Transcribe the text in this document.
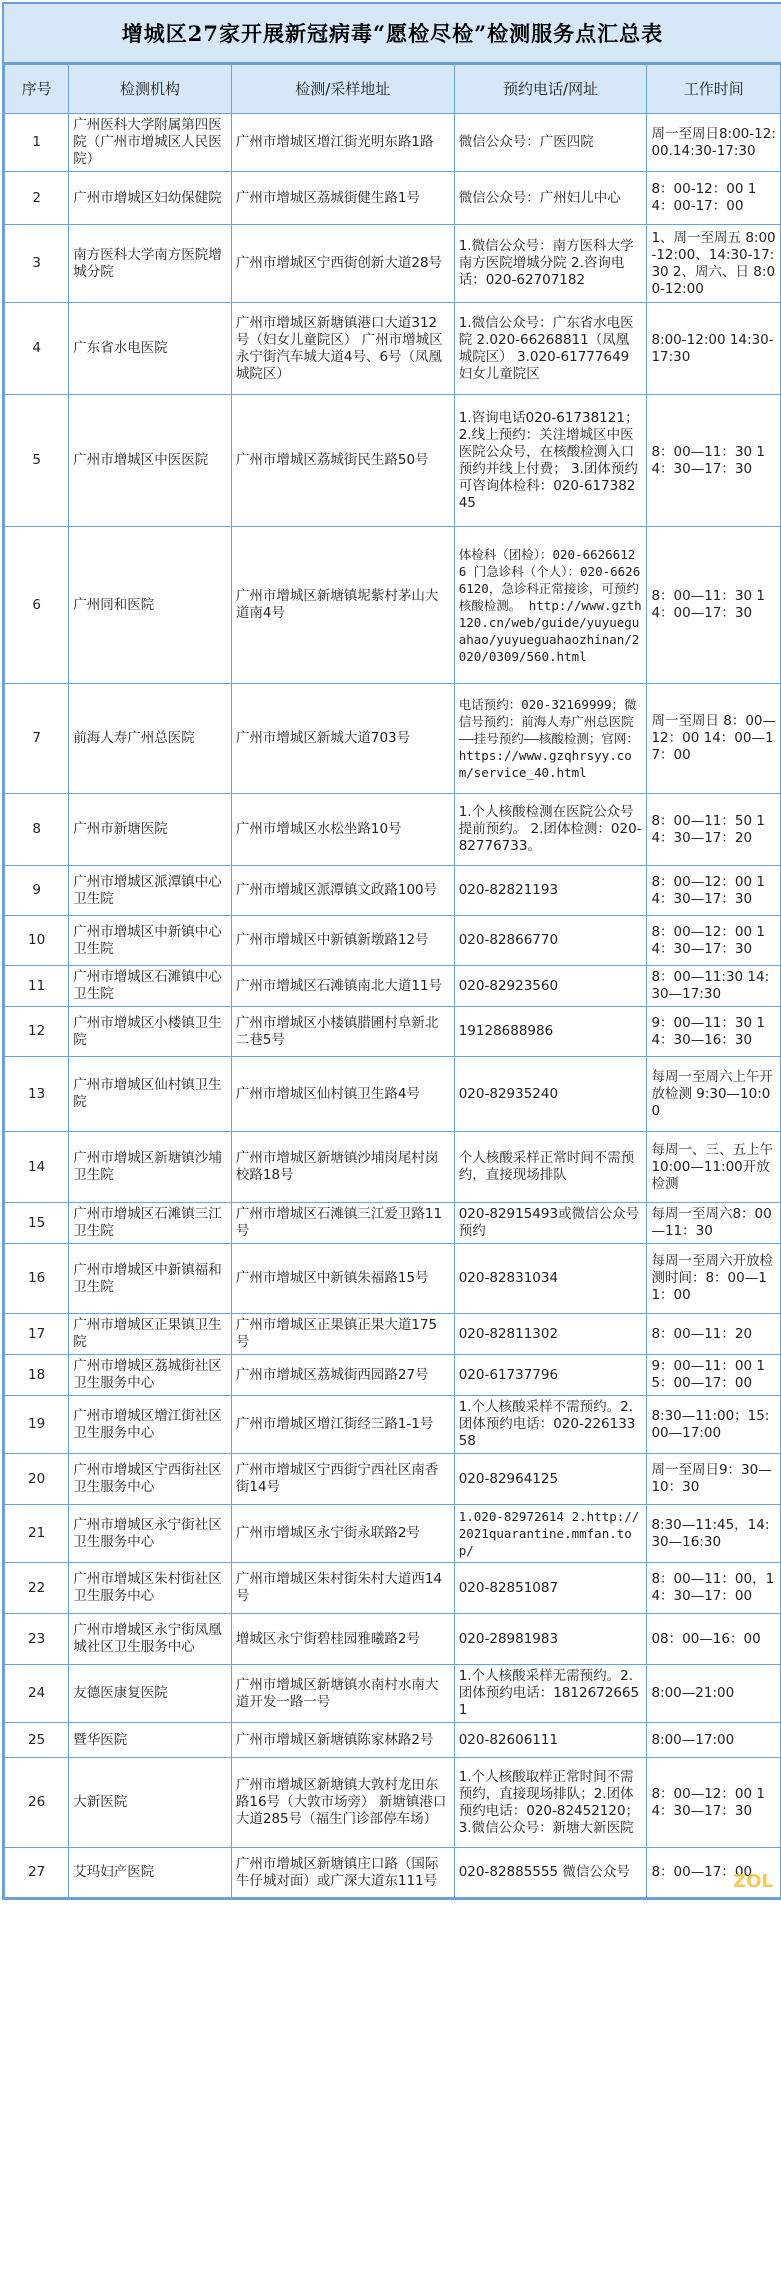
增城区27家开展新冠病毒“愿检尽检”检测服务点汇总表
序号	检测机构	检测/采样地址	预约电话/网址	工作时间
1	广州医科大学附属第四医院（广州市增城区人民医院）	广州市增城区增江街光明东路1路	微信公众号：广医四院	周一至周日8:00-12:00.14:30-17:30
2	广州市增城区妇幼保健院	广州市增城区荔城街健生路1号	微信公众号：广州妇儿中心	8：00-12：00 14：00-17：00
3	南方医科大学南方医院增城分院	广州市增城区宁西街创新大道28号	1.微信公众号：南方医科大学南方医院增城分院 2.咨询电话：020-62707182	1、周一至周五 8:00-12:00、14:30-17:30 2、周六、日 8:00-12:00
4	广东省水电医院	广州市增城区新塘镇港口大道312号（妇女儿童院区） 广州市增城区永宁街汽车城大道4号、6号（凤凰城院区）	1.微信公众号：广东省水电医院 2.020-66268811（凤凰城院区） 3.020-61777649妇女儿童院区	8:00-12:00 14:30-17:30
5	广州市增城区中医医院	广州市增城区荔城街民生路50号	1.咨询电话020-61738121； 2.线上预约：关注增城区中医医院公众号，在核酸检测入口预约并线上付费； 3.团体预约可咨询体检科：020-61738245	8：00—11：30 14：30—17：30
6	广州同和医院	广州市增城区新塘镇坭紫村茅山大道南4号	体检科（团检）：020-66266126 门急诊科（个人）：020-66266120，急诊科正常接诊，可预约核酸检测。 http://www.gzth120.cn/web/guide/yuyueguahao/yuyueguahaozhinan/2020/0309/560.html	8：00—11：30 14：00—17：30
7	前海人寿广州总医院	广州市增城区新城大道703号	电话预约：020-32169999；微信号预约：前海人寿广州总医院——挂号预约——核酸检测；官网：https://www.gzqhrsyy.com/service_40.html	周一至周日 8：00—12：00 14：00—17：00
8	广州市新塘医院	广州市增城区水松坐路10号	1.个人核酸检测在医院公众号提前预约。 2.团体检测：020-82776733。	8：00—11：50 14：30—17：20
9	广州市增城区派潭镇中心卫生院	广州市增城区派潭镇文政路100号	020-82821193	8：00—12：00 14：30—17：30
10	广州市增城区中新镇中心卫生院	广州市增城区中新镇新墩路12号	020-82866770	8：00—12：00 14：30—17：30
11	广州市增城区石滩镇中心卫生院	广州市增城区石滩镇南北大道11号	020-82923560	8：00—11:30 14:30—17:30
12	广州市增城区小楼镇卫生院	广州市增城区小楼镇腊圃村阜新北二巷5号	19128688986	9：00—11：30 14：30—16：30
13	广州市增城区仙村镇卫生院	广州市增城区仙村镇卫生路4号	020-82935240	每周一至周六上午开放检测 9:30—10:00
14	广州市增城区新塘镇沙埔卫生院	广州市增城区新塘镇沙埔岗尾村岗校路18号	个人核酸采样正常时间不需预约，直接现场排队	每周一、三、五上午 10:00—11:00开放检测
15	广州市增城区石滩镇三江卫生院	广州市增城区石滩镇三江爱卫路11号	020-82915493或微信公众号预约	每周一至周六8：00—11：30
16	广州市增城区中新镇福和卫生院	广州市增城区中新镇朱福路15号	020-82831034	每周一至周六开放检测时间：8：00—11：00
17	广州市增城区正果镇卫生院	广州市增城区正果镇正果大道175号	020-82811302	8：00—11：20
18	广州市增城区荔城街社区卫生服务中心	广州市增城区荔城街西园路27号	020-61737796	9：00—11：00 15：00—17：00
19	广州市增城区增江街社区卫生服务中心	广州市增城区增江街经三路1-1号	1.个人核酸采样不需预约。2.团体预约电话：020-22613358	8:30—11:00；15:00—17:00
20	广州市增城区宁西街社区卫生服务中心	广州市增城区宁西街宁西社区南香街14号	020-82964125	周一至周日9：30—10：30
21	广州市增城区永宁街社区卫生服务中心	广州市增城区永宁街永联路2号	1.020-82972614 2.http://2021quarantine.mmfan.top/	8:30—11:45，14:30—16:30
22	广州市增城区朱村街社区卫生服务中心	广州市增城区朱村街朱村大道西14号	020-82851087	8：00—11：00，14：30—17：00
23	广州市增城区永宁街凤凰城社区卫生服务中心	增城区永宁街碧桂园雅曦路2号	020-28981983	08：00—16：00
24	友德医康复医院	广州市增城区新塘镇水南村水南大道开发一路一号	1.个人核酸采样无需预约。2.团体预约电话：18126726651	8:00—21:00
25	暨华医院	广州市增城区新塘镇陈家林路2号	020-82606111	8:00—17:00
26	大新医院	广州市增城区新塘镇大敦村龙田东路16号（大敦市场旁） 新塘镇港口大道285号（福生门诊部停车场）	1.个人核酸取样正常时间不需预约，直接现场排队；2.团体预约电话：020-82452120；3.微信公众号：新塘大新医院	8：00—12：00 14：30—17：30
27	艾玛妇产医院	广州市增城区新塘镇庄口路（国际牛仔城对面）或广深大道东111号	020-82885555 微信公众号	8：00—17：00
ZOL
